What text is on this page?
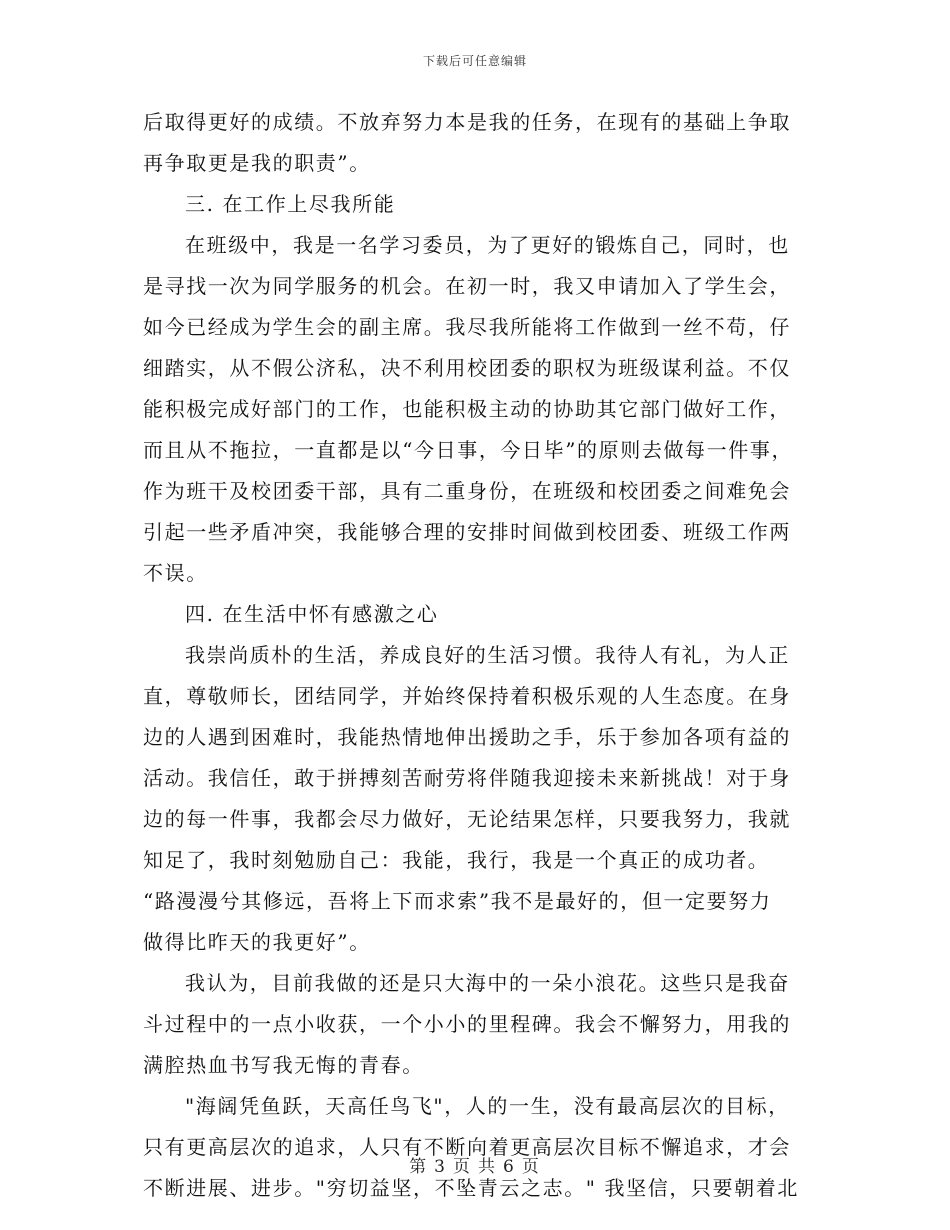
下载后可任意编辑
后取得更好的成绩。不放弃努力本是我的任务，在现有的基础上争取
再争取更是我的职责”。
三. 在工作上尽我所能
在班级中，我是一名学习委员，为了更好的锻炼自己，同时，也
是寻找一次为同学服务的机会。在初一时，我又申请加入了学生会，
如今已经成为学生会的副主席。我尽我所能将工作做到一丝不苟，仔
细踏实，从不假公济私，决不利用校团委的职权为班级谋利益。不仅
能积极完成好部门的工作，也能积极主动的协助其它部门做好工作，
而且从不拖拉，一直都是以“今日事，今日毕”的原则去做每一件事，
作为班干及校团委干部，具有二重身份，在班级和校团委之间难免会
引起一些矛盾冲突，我能够合理的安排时间做到校团委、班级工作两
不误。
四. 在生活中怀有感激之心
我崇尚质朴的生活，养成良好的生活习惯。我待人有礼，为人正
直，尊敬师长，团结同学，并始终保持着积极乐观的人生态度。在身
边的人遇到困难时，我能热情地伸出援助之手，乐于参加各项有益的
活动。我信任，敢于拼搏刻苦耐劳将伴随我迎接未来新挑战！对于身
边的每一件事，我都会尽力做好，无论结果怎样，只要我努力，我就
知足了，我时刻勉励自己：我能，我行，我是一个真正的成功者。
“路漫漫兮其修远，吾将上下而求索”我不是最好的，但一定要努力
做得比昨天的我更好”。
我认为，目前我做的还是只大海中的一朵小浪花。这些只是我奋
斗过程中的一点小收获，一个小小的里程碑。我会不懈努力，用我的
满腔热血书写我无悔的青春。
"海阔凭鱼跃，天高任鸟飞"，人的一生，没有最高层次的目标，
只有更高层次的追求，人只有不断向着更高层次目标不懈追求，才会
不断进展、进步。"穷切益坚，不坠青云之志。" 我坚信，只要朝着北
第 3 页 共 6 页
